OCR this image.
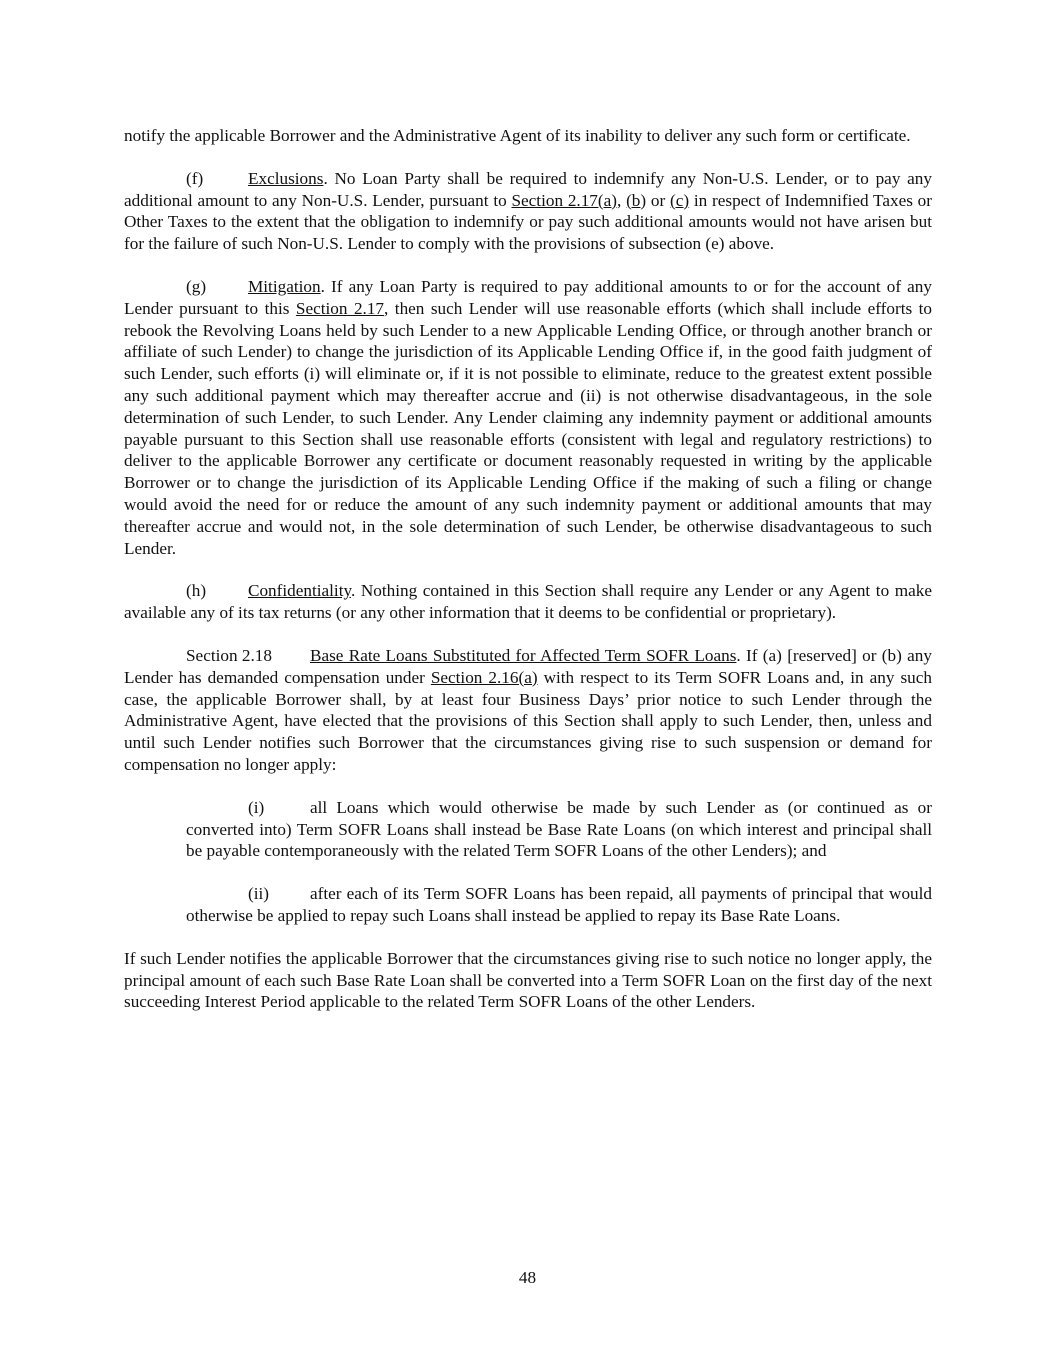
notify the applicable Borrower and the Administrative Agent of its inability to deliver any such form or certificate.

(f)	Exclusions. No Loan Party shall be required to indemnify any Non-U.S. Lender, or to pay any additional amount to any Non-U.S. Lender, pursuant to Section 2.17(a), (b) or (c) in respect of Indemnified Taxes or Other Taxes to the extent that the obligation to indemnify or pay such additional amounts would not have arisen but for the failure of such Non-U.S. Lender to comply with the provisions of subsection (e) above.

(g) Mitigation. If any Loan Party is required to pay additional amounts to or for the account of any Lender pursuant to this Section 2.17, then such Lender will use reasonable efforts (which shall include efforts to rebook the Revolving Loans held by such Lender to a new Applicable Lending Office, or through another branch or affiliate of such Lender) to change the jurisdiction of its Applicable Lending Office if, in the good faith judgment of such Lender, such efforts (i) will eliminate or, if it is not possible to eliminate, reduce to the greatest extent possible any such additional payment which may thereafter accrue and (ii) is not otherwise disadvantageous, in the sole determination of such Lender, to such Lender. Any Lender claiming any indemnity payment or additional amounts payable pursuant to this Section shall use reasonable efforts (consistent with legal and regulatory restrictions) to deliver to the applicable Borrower any certificate or document reasonably requested in writing by the applicable Borrower or to change the jurisdiction of its Applicable Lending Office if the making of such a filing or change would avoid the need for or reduce the amount of any such indemnity payment or additional amounts that may thereafter accrue and would not, in the sole determination of such Lender, be otherwise disadvantageous to such Lender.

(h) Confidentiality. Nothing contained in this Section shall require any Lender or any Agent to make available any of its tax returns (or any other information that it deems to be confidential or proprietary).

Section 2.18 Base Rate Loans Substituted for Affected Term SOFR Loans. If (a) [reserved] or (b) any Lender has demanded compensation under Section 2.16(a) with respect to its Term SOFR Loans and, in any such case, the applicable Borrower shall, by at least four Business Days’ prior notice to such Lender through the Administrative Agent, have elected that the provisions of this Section shall apply to such Lender, then, unless and until such Lender notifies such Borrower that the circumstances giving rise to such suspension or demand for compensation no longer apply:

(i)	all Loans which would otherwise be made by such Lender as (or continued as or converted into) Term SOFR Loans shall instead be Base Rate Loans (on which interest and principal shall be payable contemporaneously with the related Term SOFR Loans of the other Lenders); and

(ii) after each of its Term SOFR Loans has been repaid, all payments of principal that would otherwise be applied to repay such Loans shall instead be applied to repay its Base Rate Loans.

If such Lender notifies the applicable Borrower that the circumstances giving rise to such notice no longer apply, the principal amount of each such Base Rate Loan shall be converted into a Term SOFR Loan on the first day of the next succeeding Interest Period applicable to the related Term SOFR Loans of the other Lenders.

48
